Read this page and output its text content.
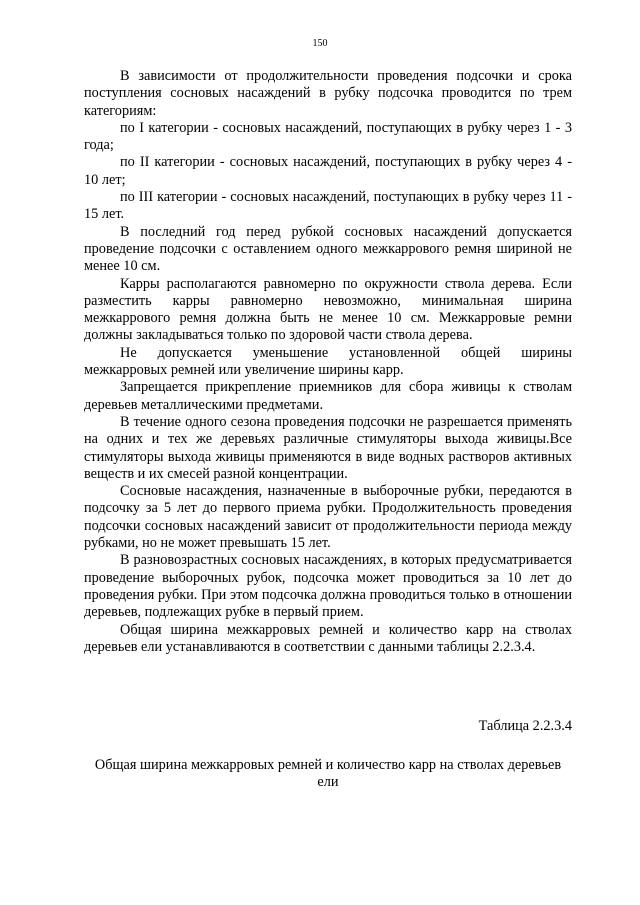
150

В зависимости от продолжительности проведения подсочки и срока поступления сосновых насаждений в рубку подсочка проводится по трем категориям:

по I категории - сосновых насаждений, поступающих в рубку через 1 - 3 года;

по II категории - сосновых насаждений, поступающих в рубку через 4 - 10 лет;

по III категории - сосновых насаждений, поступающих в рубку через 11 - 15 лет.

В последний год перед рубкой сосновых насаждений допускается проведение подсочки с оставлением одного межкаррового ремня шириной не менее 10 см.

Карры располагаются равномерно по окружности ствола дерева. Если разместить карры равномерно невозможно, минимальная ширина межкаррового ремня должна быть не менее 10 см. Межкарровые ремни должны закладываться только по здоровой части ствола дерева.

Не допускается уменьшение установленной общей ширины межкарровых ремней или увеличение ширины карр.

Запрещается прикрепление приемников для сбора живицы к стволам деревьев металлическими предметами.

В течение одного сезона проведения подсочки не разрешается применять на одних и тех же деревьях различные стимуляторы выхода живицы.Все стимуляторы выхода живицы применяются в виде водных растворов активных веществ и их смесей разной концентрации.

Сосновые насаждения, назначенные в выборочные рубки, передаются в подсочку за 5 лет до первого приема рубки. Продолжительность проведения подсочки сосновых насаждений зависит от продолжительности периода между рубками, но не может превышать 15 лет.

В разновозрастных сосновых насаждениях, в которых предусматривается проведение выборочных рубок, подсочка может проводиться за 10 лет до проведения рубки. При этом подсочка должна проводиться только в отношении деревьев, подлежащих рубке в первый прием.

Общая ширина межкарровых ремней и количество карр на стволах деревьев ели устанавливаются в соответствии с данными таблицы 2.2.3.4.

Таблица 2.2.3.4
Общая ширина межкарровых ремней и количество карр на стволах деревьев ели
